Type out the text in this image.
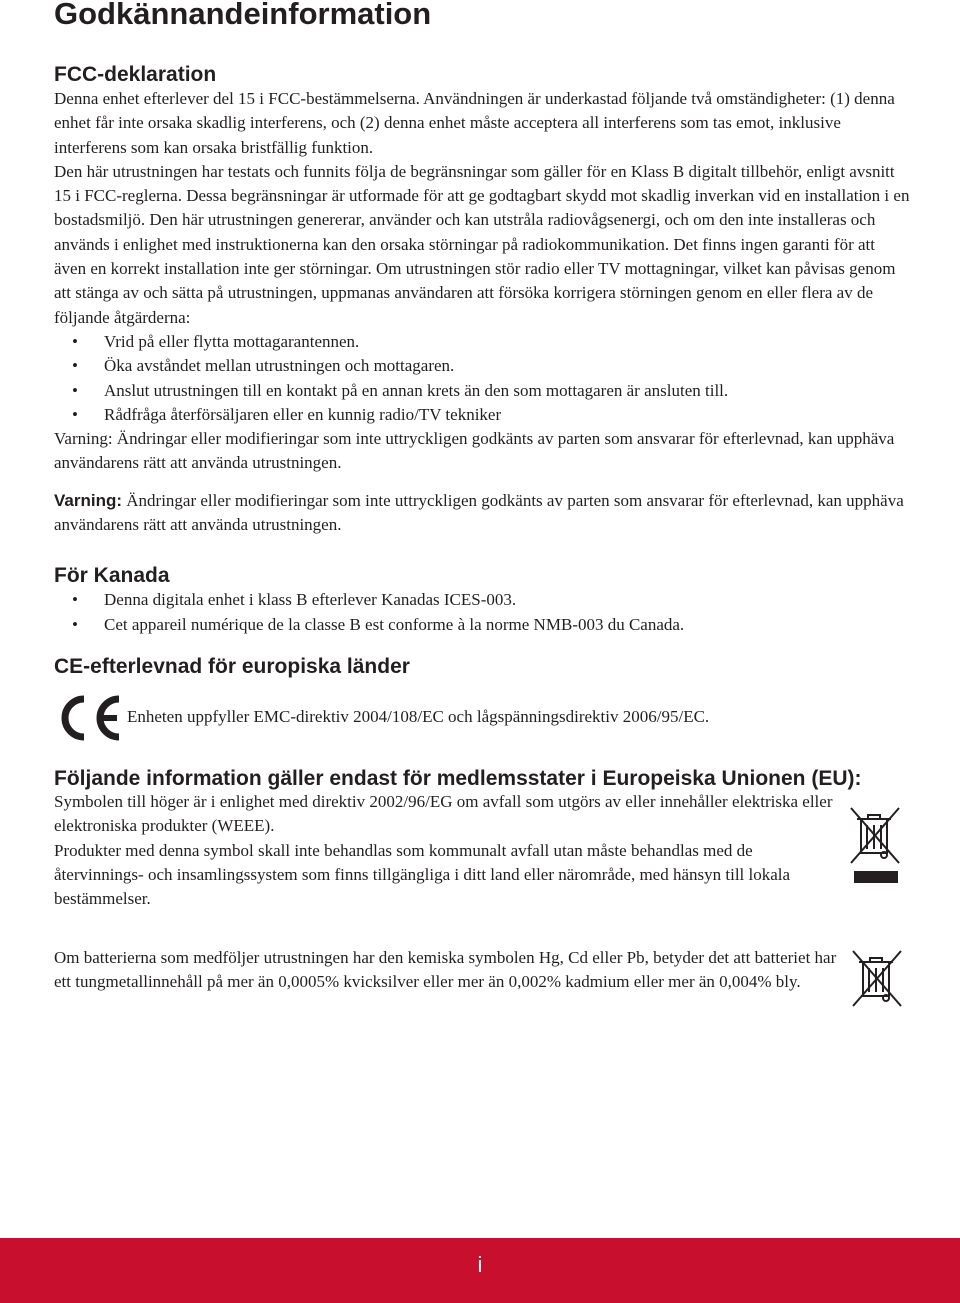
Godkännandeinformation
FCC-deklaration

Denna enhet efterlever del 15 i FCC-bestämmelserna. Användningen är underkastad följande två omständigheter: (1) denna enhet får inte orsaka skadlig interferens, och (2) denna enhet måste acceptera all interferens som tas emot, inklusive interferens som kan orsaka bristfällig funktion.

Den här utrustningen har testats och funnits följa de begränsningar som gäller för en Klass B digitalt tillbehör, enligt avsnitt 15 i FCC-reglerna. Dessa begränsningar är utformade för att ge godtagbart skydd mot skadlig inverkan vid en installation i en bostadsmiljö. Den här utrustningen genererar, använder och kan utstråla radiovågsenergi, och om den inte installeras och används i enlighet med instruktionerna kan den orsaka störningar på radiokommunikation. Det finns ingen garanti för att även en korrekt installation inte ger störningar. Om utrustningen stör radio eller TV mottagningar, vilket kan påvisas genom att stänga av och sätta på utrustningen, uppmanas användaren att försöka korrigera störningen genom en eller flera av de följande åtgärderna:

• Vrid på eller flytta mottagarantennen.
• Öka avståndet mellan utrustningen och mottagaren.
• Anslut utrustningen till en kontakt på en annan krets än den som mottagaren är ansluten till.
• Rådfråga återförsäljaren eller en kunnig radio/TV tekniker

Varning: Ändringar eller modifieringar som inte uttryckligen godkänts av parten som ansvarar för efterlevnad, kan upphäva användarens rätt att använda utrustningen.

Varning: Ändringar eller modifieringar som inte uttryckligen godkänts av parten som ansvarar för efterlevnad, kan upphäva användarens rätt att använda utrustningen.

För Kanada
• Denna digitala enhet i klass B efterlever Kanadas ICES-003.
• Cet appareil numérique de la classe B est conforme à la norme NMB-003 du Canada.
CE-efterlevnad för europiska länder
Enheten uppfyller EMC-direktiv 2004/108/EC och lågspänningsdirektiv 2006/95/EC.
Följande information gäller endast för medlemsstater i Europeiska Unionen (EU):

Symbolen till höger är i enlighet med direktiv 2002/96/EG om avfall som utgörs av eller innehåller elektriska eller elektroniska produkter (WEEE).

Produkter med denna symbol skall inte behandlas som kommunalt avfall utan måste behandlas med de återvinnings- och insamlingssystem som finns tillgängliga i ditt land eller närområde, med hänsyn till lokala bestämmelser.

Om batterierna som medföljer utrustningen har den kemiska symbolen Hg, Cd eller Pb, betyder det att batteriet har ett tungmetallinnehåll på mer än 0,0005% kvicksilver eller mer än 0,002% kadmium eller mer än 0,004% bly.

i
